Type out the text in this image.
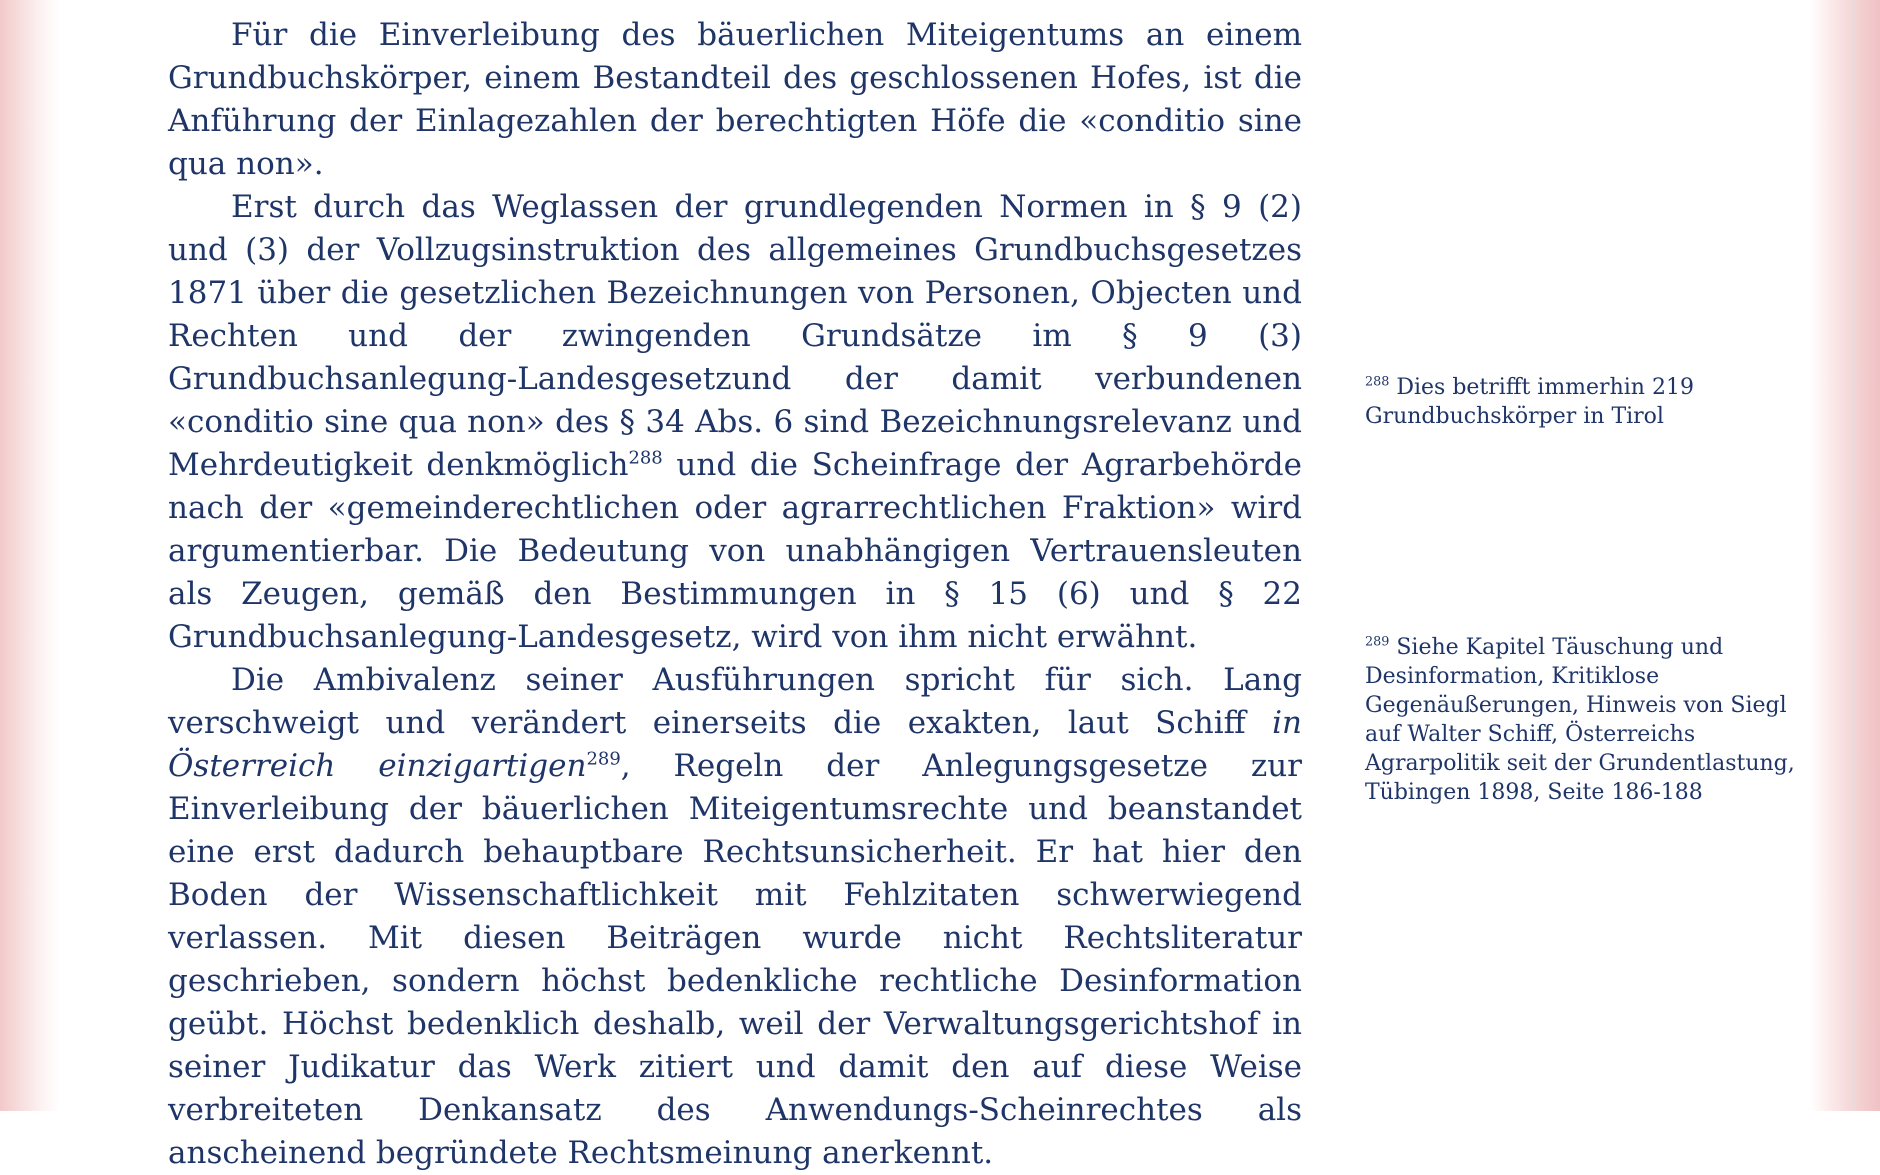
Für die Einverleibung des bäuerlichen Miteigentums an einem Grundbuchskörper, einem Bestandteil des geschlossenen Hofes, ist die Anführung der Einlagezahlen der berechtigten Höfe die «conditio sine qua non».

Erst durch das Weglassen der grundlegenden Normen in § 9 (2) und (3) der Vollzugsinstruktion des allgemeines Grundbuchsgesetzes 1871 über die gesetzlichen Bezeichnungen von Personen, Objecten und Rechten und der zwingenden Grundsätze im § 9 (3) Grundbuchsanlegung-Landesgesetzund der damit verbundenen «conditio sine qua non» des § 34 Abs. 6 sind Bezeichnungsrelevanz und Mehrdeutigkeit denkmöglich$^{288}$ und die Scheinfrage der Agrarbehörde nach der «gemeinderechtlichen oder agrarrechtlichen Fraktion» wird argumentierbar. Die Bedeutung von unabhängigen Vertrauensleuten als Zeugen, gemäß den Bestimmungen in § 15 (6) und § 22 Grundbuchsanlegung-Landesgesetz, wird von ihm nicht erwähnt.

Die Ambivalenz seiner Ausführungen spricht für sich. Lang verschweigt und verändert einerseits die exakten, laut Schiff in Österreich einzigartigen$^{289}$, Regeln der Anlegungsgesetze zur Einverleibung der bäuerlichen Miteigentumsrechte und beanstandet eine erst dadurch behauptbare Rechtsunsicherheit. Er hat hier den Boden der Wissenschaftlichkeit mit Fehlzitaten schwerwiegend verlassen. Mit diesen Beiträgen wurde nicht Rechtsliteratur geschrieben, sondern höchst bedenkliche rechtliche Desinformation geübt. Höchst bedenklich deshalb, weil der Verwaltungsgerichtshof in seiner Judikatur das Werk zitiert und damit den auf diese Weise verbreiteten Denkansatz des Anwendungs-Scheinrechtes als anscheinend begründete Rechtsmeinung anerkennt.

$^{288}$ Dies betrifft immerhin 219 Grundbuchskörper in Tirol

$^{289}$ Siehe Kapitel Täuschung und Desinformation, Kritiklose Gegenäußerungen, Hinweis von Siegl auf Walter Schiff, Österreichs Agrarpolitik seit der Grundentlastung, Tübingen 1898, Seite 186-188
